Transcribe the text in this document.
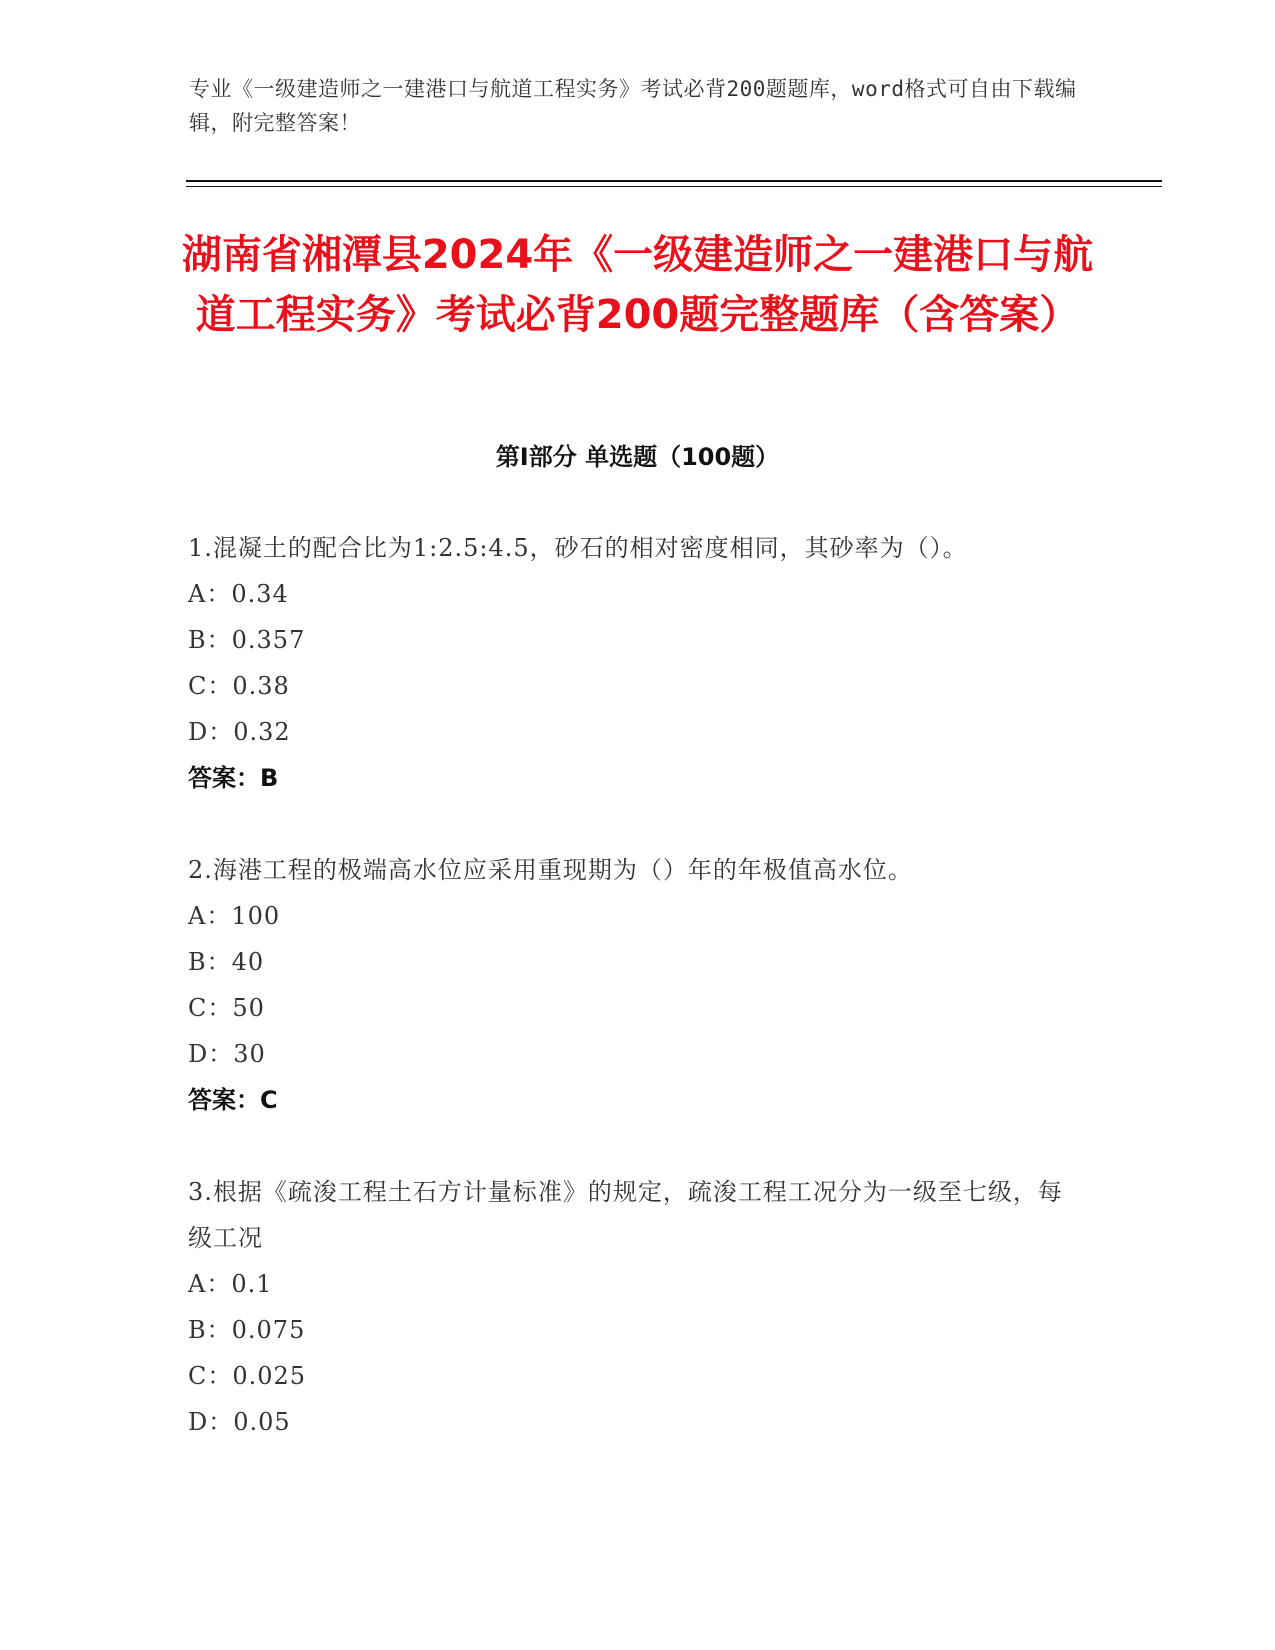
专业《一级建造师之一建港口与航道工程实务》考试必背200题题库，word格式可自由下载编辑，附完整答案！
湖南省湘潭县2024年《一级建造师之一建港口与航道工程实务》考试必背200题完整题库（含答案）
第Ⅰ部分 单选题（100题）
1.混凝土的配合比为1:2.5:4.5，砂石的相对密度相同，其砂率为（）。
A：0.34
B：0.357
C：0.38
D：0.32
答案：B
2.海港工程的极端高水位应采用重现期为（）年的年极值高水位。
A：100
B：40
C：50
D：30
答案：C
3.根据《疏浚工程土石方计量标准》的规定，疏浚工程工况分为一级至七级，每级工况
A：0.1
B：0.075
C：0.025
D：0.05
